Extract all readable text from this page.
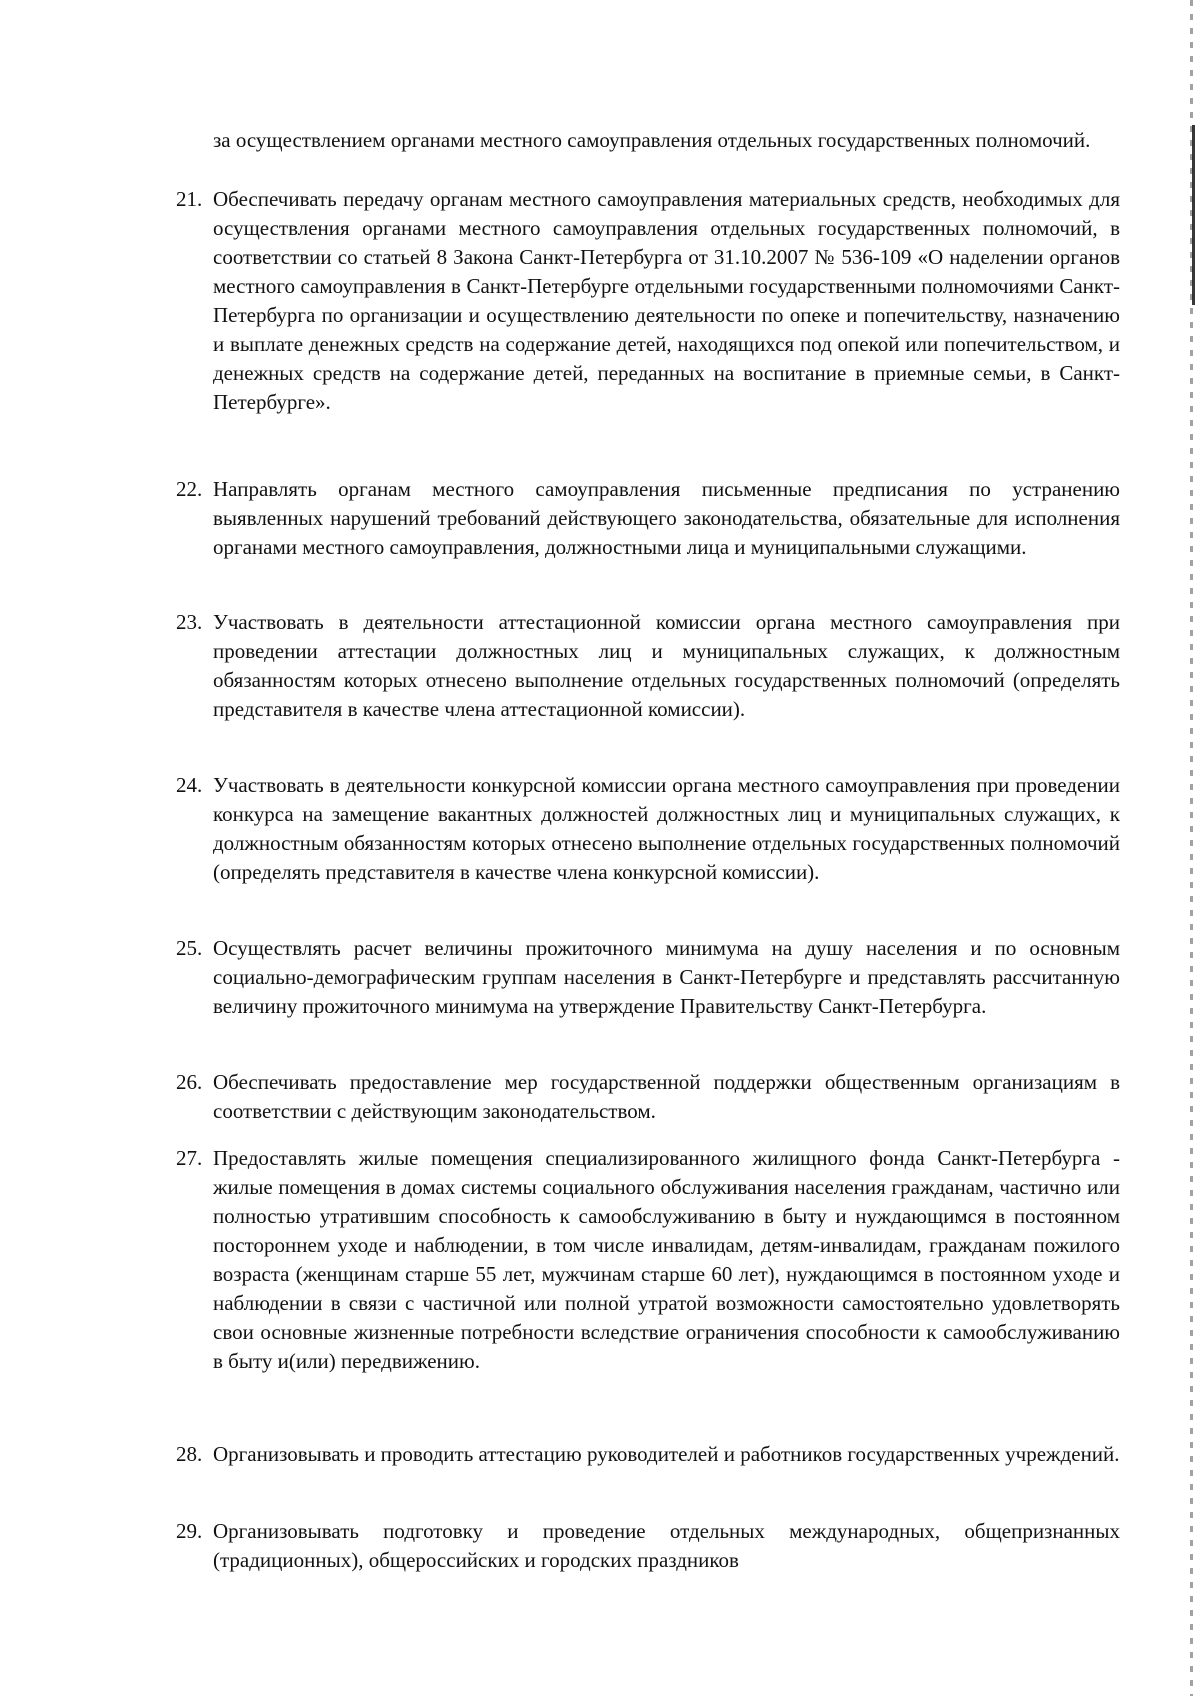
за осуществлением органами местного самоуправления отдельных государственных полномочий.

21. Обеспечивать передачу органам местного самоуправления материальных средств, необходимых для осуществления органами местного самоуправления отдельных государственных полномочий, в соответствии со статьей 8 Закона Санкт-Петербурга от 31.10.2007 № 536-109 «О наделении органов местного самоуправления в Санкт-Петербурге отдельными государственными полномочиями Санкт-Петербурга по организации и осуществлению деятельности по опеке и попечительству, назначению и выплате денежных средств на содержание детей, находящихся под опекой или попечительством, и денежных средств на содержание детей, переданных на воспитание в приемные семьи, в Санкт-Петербурге».

22. Направлять органам местного самоуправления письменные предписания по устранению выявленных нарушений требований действующего законодательства, обязательные для исполнения органами местного самоуправления, должностными лица и муниципальными служащими.

23. Участвовать в деятельности аттестационной комиссии органа местного самоуправления при проведении аттестации должностных лиц и муниципальных служащих, к должностным обязанностям которых отнесено выполнение отдельных государственных полномочий (определять представителя в качестве члена аттестационной комиссии).

24. Участвовать в деятельности конкурсной комиссии органа местного самоуправления при проведении конкурса на замещение вакантных должностей должностных лиц и муниципальных служащих, к должностным обязанностям которых отнесено выполнение отдельных государственных полномочий (определять представителя в качестве члена конкурсной комиссии).

25. Осуществлять расчет величины прожиточного минимума на душу населения и по основным социально-демографическим группам населения в Санкт-Петербурге и представлять рассчитанную величину прожиточного минимума на утверждение Правительству Санкт-Петербурга.

26. Обеспечивать предоставление мер государственной поддержки общественным организациям в соответствии с действующим законодательством.

27. Предоставлять жилые помещения специализированного жилищного фонда Санкт-Петербурга - жилые помещения в домах системы социального обслуживания населения гражданам, частично или полностью утратившим способность к самообслуживанию в быту и нуждающимся в постоянном постороннем уходе и наблюдении, в том числе инвалидам, детям-инвалидам, гражданам пожилого возраста (женщинам старше 55 лет, мужчинам старше 60 лет), нуждающимся в постоянном уходе и наблюдении в связи с частичной или полной утратой возможности самостоятельно удовлетворять свои основные жизненные потребности вследствие ограничения способности к самообслуживанию в быту и(или) передвижению.

28. Организовывать и проводить аттестацию руководителей и работников государственных учреждений.

29. Организовывать подготовку и проведение отдельных международных, общепризнанных (традиционных), общероссийских и городских праздников
